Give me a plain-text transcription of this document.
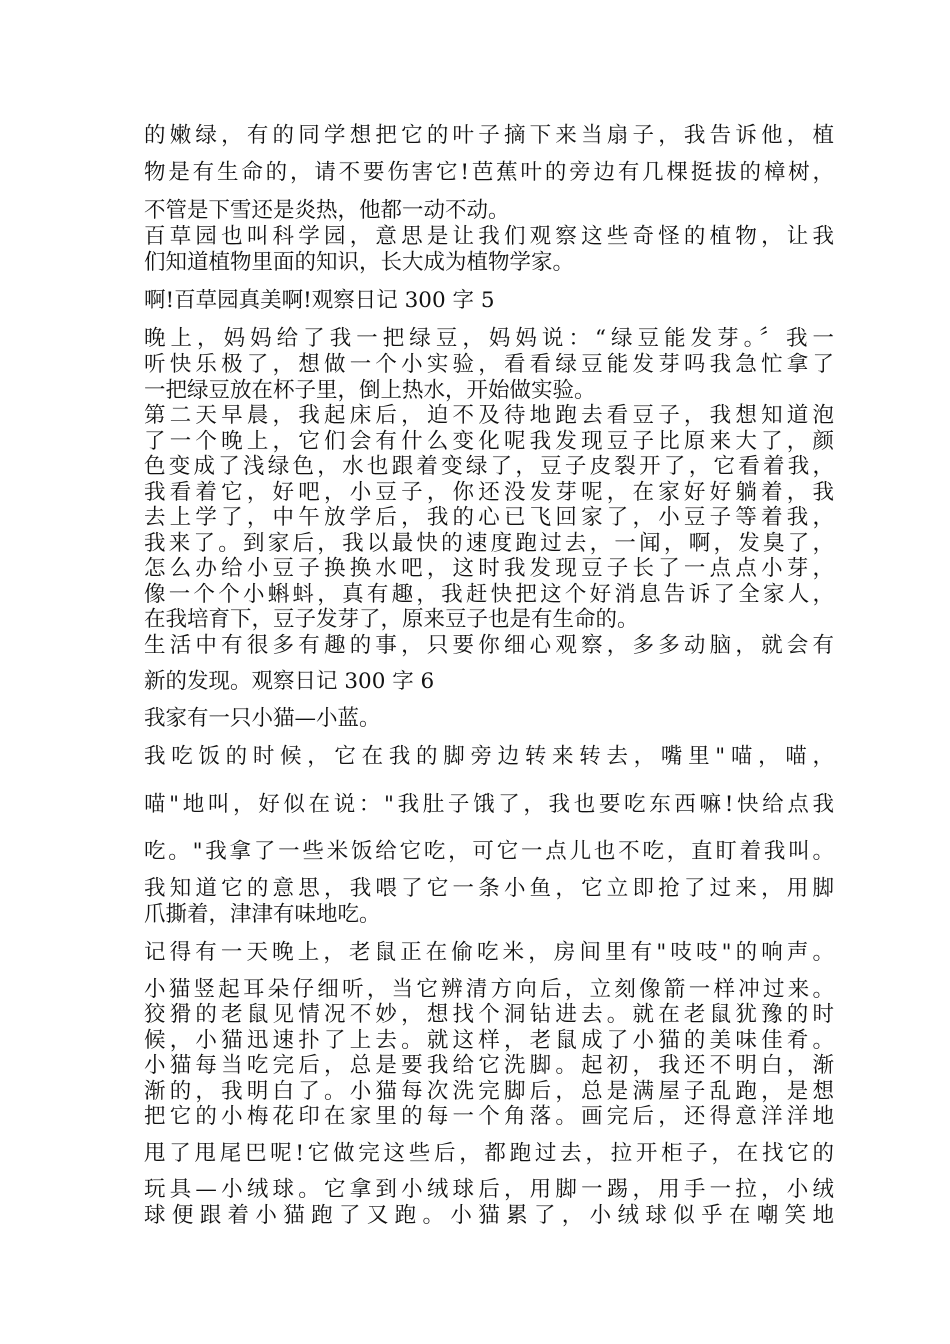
的嫩绿，有的同学想把它的叶子摘下来当扇子，我告诉他，植
物是有生命的，请不要伤害它!芭蕉叶的旁边有几棵挺拔的樟树，
不管是下雪还是炎热，他都一动不动。
百草园也叫科学园，意思是让我们观察这些奇怪的植物，让我
们知道植物里面的知识，长大成为植物学家。
啊!百草园真美啊!观察日记 300 字 5
晚上，妈妈给了我一把绿豆，妈妈说：“绿豆能发芽。〞我一
听快乐极了，想做一个小实验，看看绿豆能发芽吗我急忙拿了
一把绿豆放在杯子里，倒上热水，开始做实验。
第二天早晨，我起床后，迫不及待地跑去看豆子，我想知道泡
了一个晚上，它们会有什么变化呢我发现豆子比原来大了，颜
色变成了浅绿色，水也跟着变绿了，豆子皮裂开了，它看着我，
我看着它，好吧，小豆子，你还没发芽呢，在家好好躺着，我
去上学了，中午放学后，我的心已飞回家了，小豆子等着我，
我来了。到家后，我以最快的速度跑过去，一闻，啊，发臭了，
怎么办给小豆子换换水吧，这时我发现豆子长了一点点小芽，
像一个个小蝌蚪，真有趣，我赶快把这个好消息告诉了全家人，
在我培育下，豆子发芽了，原来豆子也是有生命的。
生活中有很多有趣的事，只要你细心观察，多多动脑，就会有
新的发现。观察日记 300 字 6
我家有一只小猫—小蓝。
我吃饭的时候，它在我的脚旁边转来转去，嘴里"喵，喵，
喵"地叫，好似在说："我肚子饿了，我也要吃东西嘛!快给点我
吃。"我拿了一些米饭给它吃，可它一点儿也不吃，直盯着我叫。
我知道它的意思，我喂了它一条小鱼，它立即抢了过来，用脚
爪撕着，津津有味地吃。
记得有一天晚上，老鼠正在偷吃米，房间里有"吱吱"的响声。
小猫竖起耳朵仔细听，当它辨清方向后，立刻像箭一样冲过来。
狡猾的老鼠见情况不妙，想找个洞钻进去。就在老鼠犹豫的时
候，小猫迅速扑了上去。就这样，老鼠成了小猫的美味佳肴。
小猫每当吃完后，总是要我给它洗脚。起初，我还不明白，渐
渐的，我明白了。小猫每次洗完脚后，总是满屋子乱跑，是想
把它的小梅花印在家里的每一个角落。画完后，还得意洋洋地
甩了甩尾巴呢!它做完这些后，都跑过去，拉开柜子，在找它的
玩具—小绒球。它拿到小绒球后，用脚一踢，用手一拉，小绒
球便跟着小猫跑了又跑。小猫累了，小绒球似乎在嘲笑地
